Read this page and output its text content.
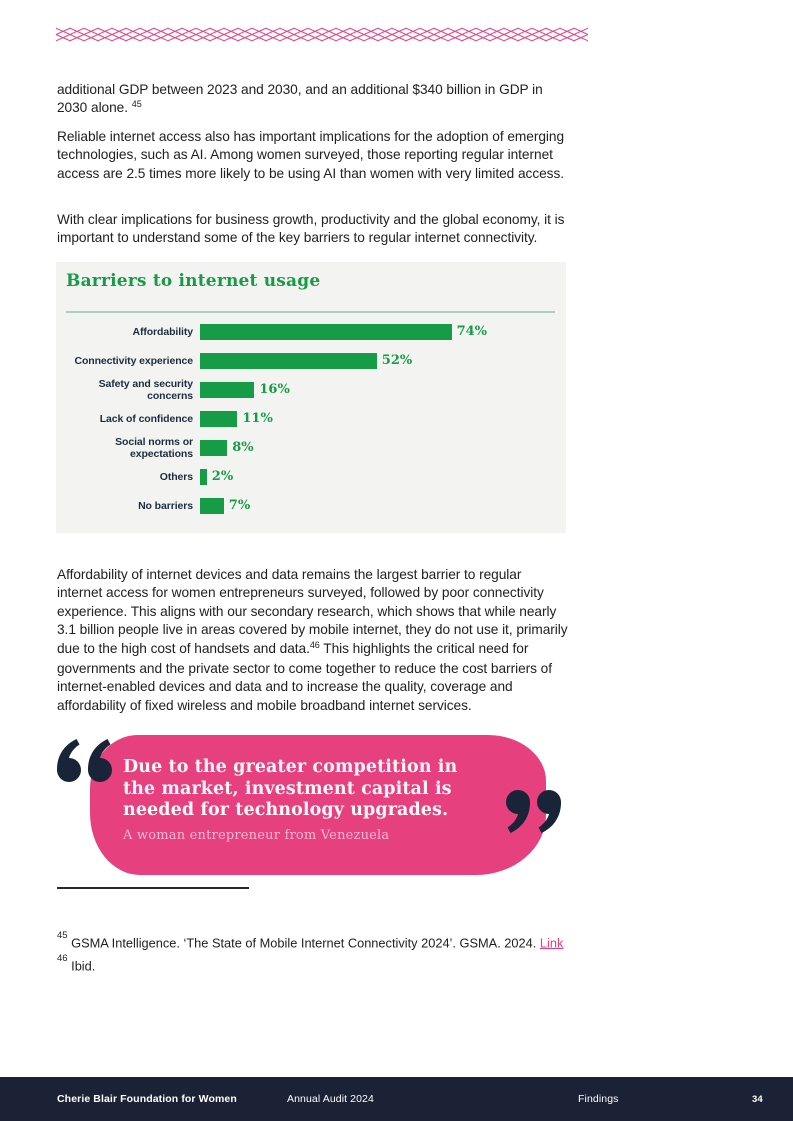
additional GDP between 2023 and 2030, and an additional $340 billion in GDP in 2030 alone. $^{45}$

Reliable internet access also has important implications for the adoption of emerging technologies, such as AI. Among women surveyed, those reporting regular internet access are 2.5 times more likely to be using AI than women with very limited access.

With clear implications for business growth, productivity and the global economy, it is important to understand some of the key barriers to regular internet connectivity.

Barriers to internet usage
Affordability	74%
Connectivity experience	52%
Safety and security concerns	16%
Lack of confidence	11%
Social norms or expectations	8%
Others	2%
No barriers	7%

Affordability of internet devices and data remains the largest barrier to regular internet access for women entrepreneurs surveyed, followed by poor connectivity experience. This aligns with our secondary research, which shows that while nearly 3.1 billion people live in areas covered by mobile internet, they do not use it, primarily due to the high cost of handsets and data.$^{46}$ This highlights the critical need for governments and the private sector to come together to reduce the cost barriers of internet-enabled devices and data and to increase the quality, coverage and affordability of fixed wireless and mobile broadband internet services.

Due to the greater competition in the market, investment capital is needed for technology upgrades.
A woman entrepreneur from Venezuela
$^{45}$ GSMA Intelligence. ‘The State of Mobile Internet Connectivity 2024’. GSMA. 2024. Link
$^{46}$ Ibid.
Cherie Blair Foundation for Women	Annual Audit 2024	Findings	34
